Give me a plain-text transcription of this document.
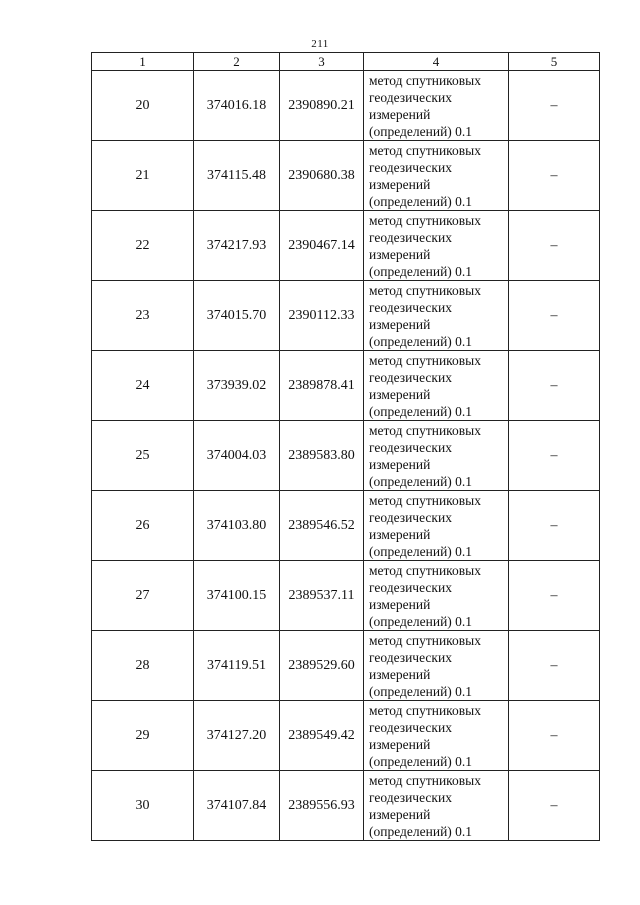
211
1	2	3	4	5
20	374016.18	2390890.21	метод спутниковых
геодезических
измерений
(определений) 0.1	–
21	374115.48	2390680.38	метод спутниковых
геодезических
измерений
(определений) 0.1	–
22	374217.93	2390467.14	метод спутниковых
геодезических
измерений
(определений) 0.1	–
23	374015.70	2390112.33	метод спутниковых
геодезических
измерений
(определений) 0.1	–
24	373939.02	2389878.41	метод спутниковых
геодезических
измерений
(определений) 0.1	–
25	374004.03	2389583.80	метод спутниковых
геодезических
измерений
(определений) 0.1	–
26	374103.80	2389546.52	метод спутниковых
геодезических
измерений
(определений) 0.1	–
27	374100.15	2389537.11	метод спутниковых
геодезических
измерений
(определений) 0.1	–
28	374119.51	2389529.60	метод спутниковых
геодезических
измерений
(определений) 0.1	–
29	374127.20	2389549.42	метод спутниковых
геодезических
измерений
(определений) 0.1	–
30	374107.84	2389556.93	метод спутниковых
геодезических
измерений
(определений) 0.1	–
